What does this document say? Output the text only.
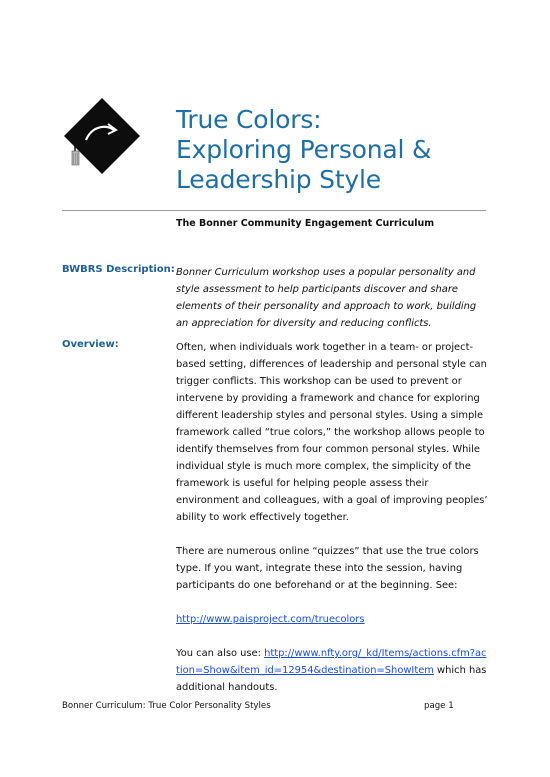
True Colors:
Exploring Personal &
Leadership Style
The Bonner Community Engagement Curriculum
BWBRS Description: Bonner Curriculum workshop uses a popular personality and style assessment to help participants discover and share elements of their personality and approach to work, building an appreciation for diversity and reducing conflicts.
Overview:	Often, when individuals work together in a team- or project-based setting, differences of leadership and personal style can trigger conflicts. This workshop can be used to prevent or intervene by providing a framework and chance for exploring different leadership styles and personal styles. Using a simple framework called “true colors,” the workshop allows people to identify themselves from four common personal styles. While individual style is much more complex, the simplicity of the framework is useful for helping people assess their environment and colleagues, with a goal of improving peoples’ ability to work effectively together.

There are numerous online “quizzes” that use the true colors type. If you want, integrate these into the session, having participants do one beforehand or at the beginning. See:

http://www.paisproject.com/truecolors

You can also use: http://www.nfty.org/_kd/Items/actions.cfm?action=Show&item_id=12954&destination=ShowItem which has additional handouts.

Bonner Curriculum: True Color Personality Styles	page 1
